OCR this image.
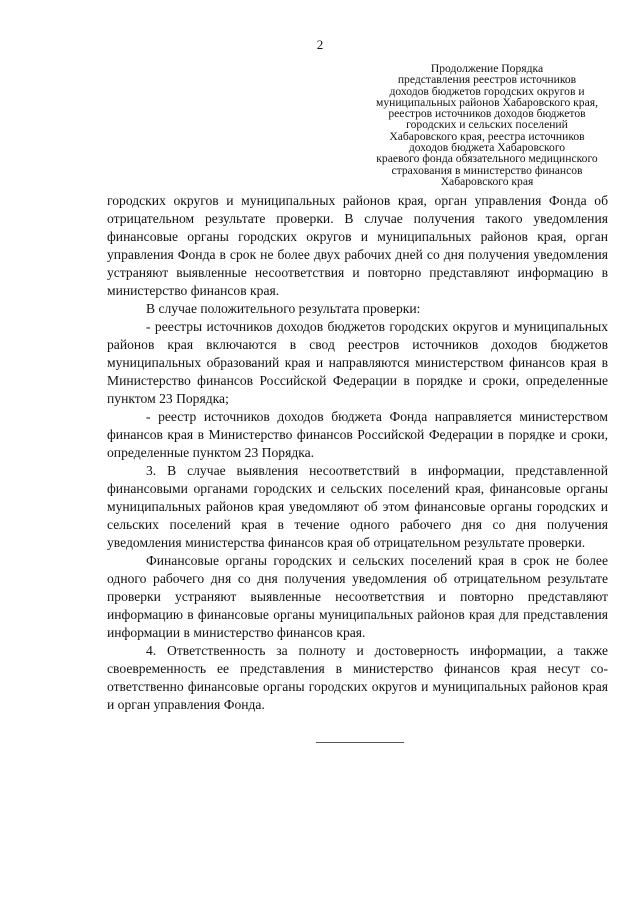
2
Продолжение Порядка
представления реестров источников
доходов бюджетов городских округов и
муниципальных районов Хабаровского края,
реестров источников доходов бюджетов
городских и сельских поселений
Хабаровского края, реестра источников
доходов бюджета Хабаровского
краевого фонда обязательного медицинского
страхования в министерство финансов
Хабаровского края

городских округов и муниципальных районов края, орган управления Фонда об отрицательном результате проверки. В случае получения такого уведомления финансовые органы городских округов и муниципальных районов края, орган управления Фонда в срок не более двух рабочих дней со дня получения уведомления устраняют выявленные несоответствия и повторно представляют информацию в министерство финансов края.

В случае положительного результата проверки:

- реестры источников доходов бюджетов городских округов и муниципальных районов края включаются в свод реестров источников доходов бюджетов муниципальных образований края и направляются министерством финансов края в Министерство финансов Российской Федерации в порядке и сроки, определенные пунктом 23 Порядка;

- реестр источников доходов бюджета Фонда направляется министерством финансов края в Министерство финансов Российской Федерации в порядке и сроки, определенные пунктом 23 Порядка.

3. В случае выявления несоответствий в информации, представленной финансовыми органами городских и сельских поселений края, финансовые органы муниципальных районов края уведомляют об этом финансовые органы городских и сельских поселений края в течение одного рабочего дня со дня получения уведомления министерства финансов края об отрицательном результате проверки.

Финансовые органы городских и сельских поселений края в срок не более одного рабочего дня со дня получения уведомления об отрицательном результате проверки устраняют выявленные несоответствия и повторно представляют информацию в финансовые органы муниципальных районов края для представления информации в министерство финансов края.

4. Ответственность за полноту и достоверность информации, а также своевременность ее представления в министерство финансов края несут соответственно финансовые органы городских округов и муниципальных районов края и орган управления Фонда.
